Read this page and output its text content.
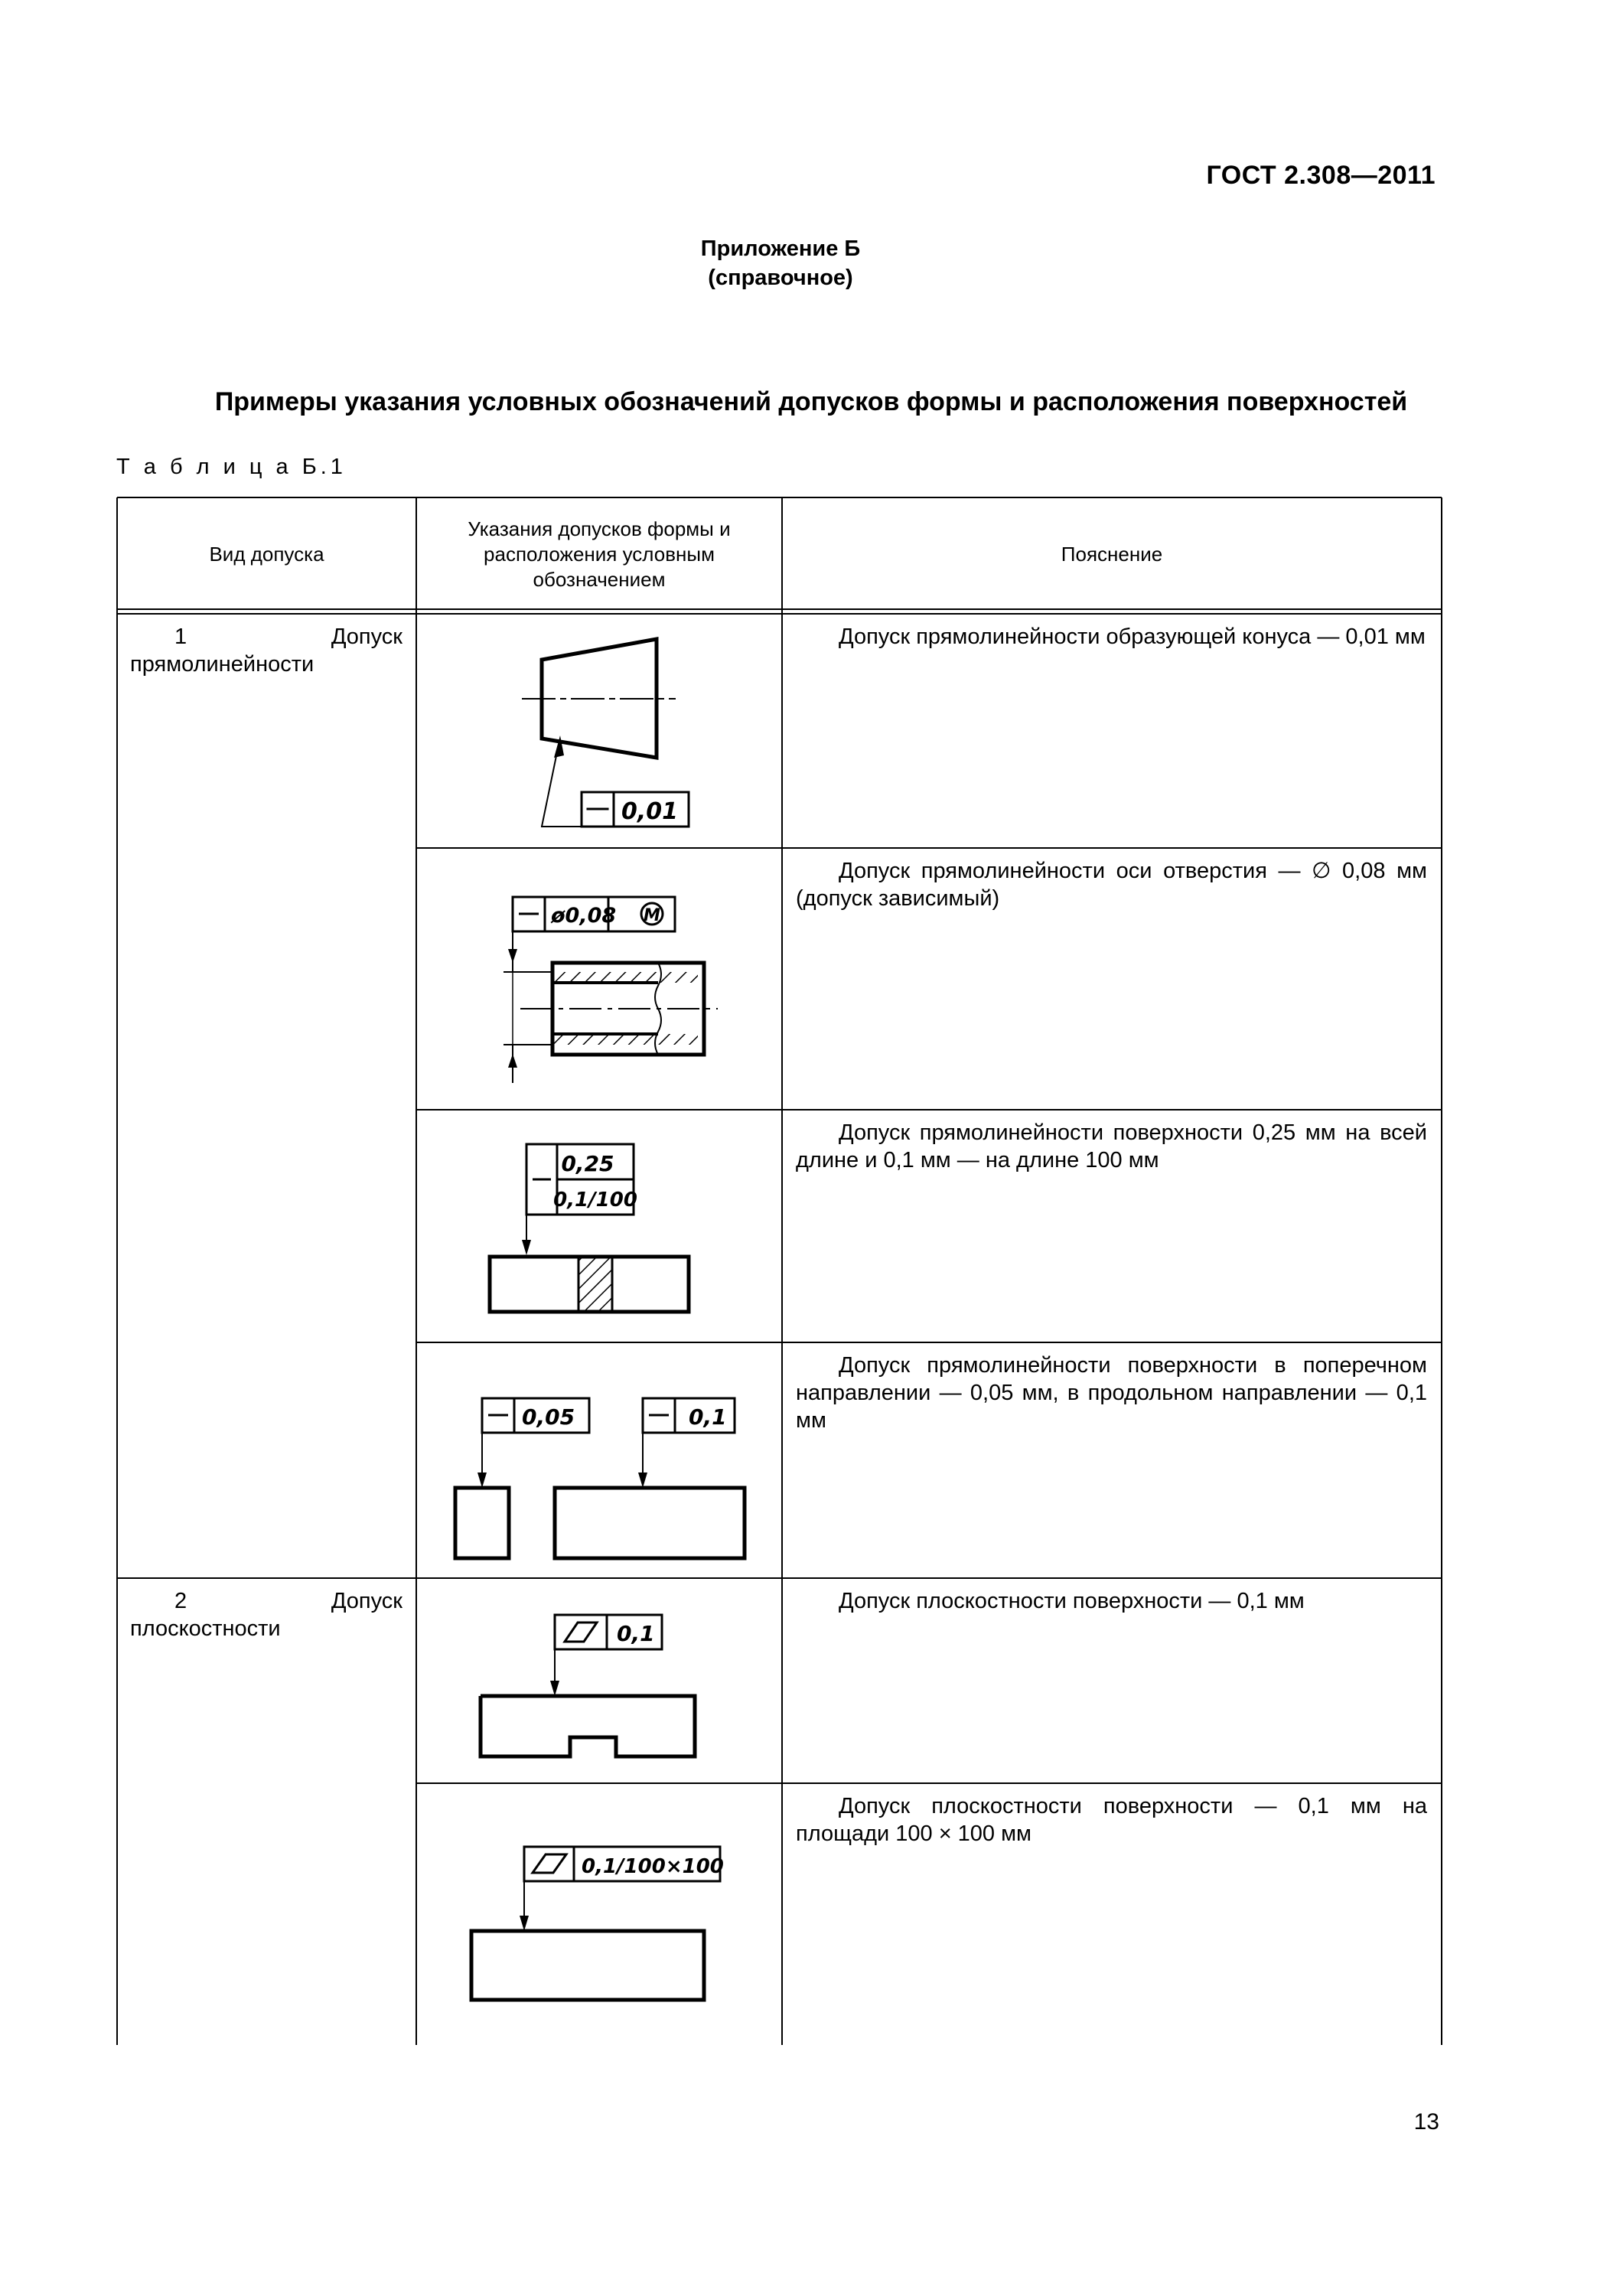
ГОСТ 2.308—2011
Приложение Б
(справочное)
Примеры указания условных обозначений допусков формы и расположения поверхностей
Т а б л и ц а Б.1
Вид допуска
Указания допусков формы и расположения условным обозначением
Пояснение
1 Допуск прямолинейности
2 Допуск плоскостности
Допуск прямолинейности образующей конуса — 0,01 мм
Допуск прямолинейности оси отверстия — ∅ 0,08 мм (допуск зависимый)
Допуск прямолинейности поверхности 0,25 мм на всей длине и 0,1 мм — на длине 100 мм
Допуск прямолинейности поверхности в поперечном направлении — 0,05 мм, в продольном направлении — 0,1 мм
Допуск плоскостности поверхности — 0,1 мм
Допуск плоскостности поверхности — 0,1 мм на площади 100 × 100 мм
0,01
ø0,08 M
0,25
0,1/100
0,05	0,1
0,1
0,1/100×100
13
